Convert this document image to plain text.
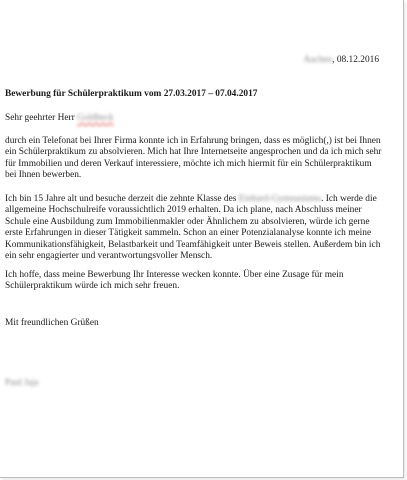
Aachen, 08.12.2016
Bewerbung für Schülerpraktikum vom 27.03.2017 – 07.04.2017
Sehr geehrter Herr Goldbeck
durch ein Telefonat bei Ihrer Firma konnte ich in Erfahrung bringen, dass es möglich(,) ist bei Ihnen
ein Schülerpraktikum zu absolvieren. Mich hat Ihre Internetseite angesprochen und da ich mich sehr
für Immobilien und deren Verkauf interessiere, möchte ich mich hiermit für ein Schülerpraktikum
bei Ihnen bewerben.
Ich bin 15 Jahre alt und besuche derzeit die zehnte Klasse des Einhard-Gymnasiums. Ich werde die
allgemeine Hochschulreife voraussichtlich 2019 erhalten. Da ich plane, nach Abschluss meiner
Schule eine Ausbildung zum Immobilienmakler oder Ähnlichem zu absolvieren, würde ich gerne
erste Erfahrungen in dieser Tätigkeit sammeln. Schon an einer Potenzialanalyse konnte ich meine
Kommunikationsfähigkeit, Belastbarkeit und Teamfähigkeit unter Beweis stellen. Außerdem bin ich
ein sehr engagierter und verantwortungsvoller Mensch.
Ich hoffe, dass meine Bewerbung Ihr Interesse wecken konnte. Über eine Zusage für mein
Schülerpraktikum würde ich mich sehr freuen.
Mit freundlichen Grüßen
Paul Jaja
